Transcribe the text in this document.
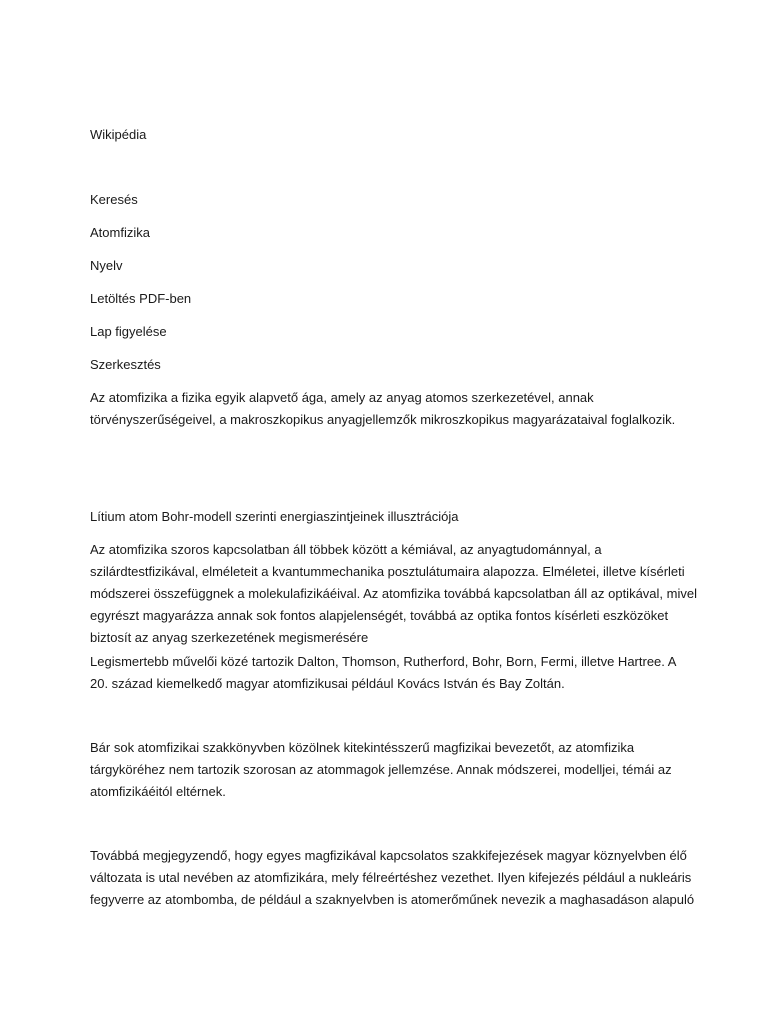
Wikipédia
Keresés
Atomfizika
Nyelv
Letöltés PDF-ben
Lap figyelése
Szerkesztés
Az atomfizika a fizika egyik alapvető ága, amely az anyag atomos szerkezetével, annak
törvényszerűségeivel, a makroszkopikus anyagjellemzők mikroszkopikus magyarázataival foglalkozik.
Lítium atom Bohr-modell szerinti energiaszintjeinek illusztrációja
Az atomfizika szoros kapcsolatban áll többek között a kémiával, az anyagtudománnyal, a
szilárdtestfizikával, elméleteit a kvantummechanika posztulátumaira alapozza. Elméletei, illetve kísérleti
módszerei összefüggnek a molekulafizikáéival. Az atomfizika továbbá kapcsolatban áll az optikával, mivel
egyrészt magyarázza annak sok fontos alapjelenségét, továbbá az optika fontos kísérleti eszközöket
biztosít az anyag szerkezetének megismerésére
Legismertebb művelői közé tartozik Dalton, Thomson, Rutherford, Bohr, Born, Fermi, illetve Hartree. A
20. század kiemelkedő magyar atomfizikusai például Kovács István és Bay Zoltán.
Bár sok atomfizikai szakkönyvben közölnek kitekintésszerű magfizikai bevezetőt, az atomfizika
tárgyköréhez nem tartozik szorosan az atommagok jellemzése. Annak módszerei, modelljei, témái az
atomfizikáéitól eltérnek.
Továbbá megjegyzendő, hogy egyes magfizikával kapcsolatos szakkifejezések magyar köznyelvben élő
változata is utal nevében az atomfizikára, mely félreértéshez vezethet. Ilyen kifejezés például a nukleáris
fegyverre az atombomba, de például a szaknyelvben is atomerőműnek nevezik a maghasadáson alapuló
